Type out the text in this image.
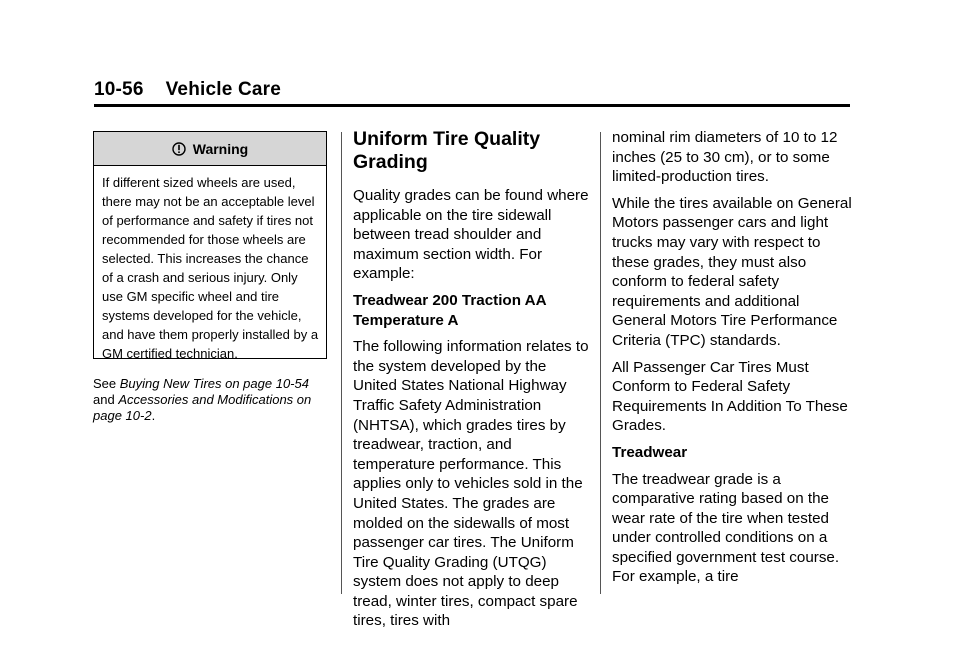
10-56 Vehicle Care
Warning
If different sized wheels are used, there may not be an acceptable level of performance and safety if tires not recommended for those wheels are selected. This increases the chance of a crash and serious injury. Only use GM specific wheel and tire systems developed for the vehicle, and have them properly installed by a GM certified technician.
See Buying New Tires on page 10-54 and Accessories and Modifications on page 10-2.
Uniform Tire Quality Grading

Quality grades can be found where applicable on the tire sidewall between tread shoulder and maximum section width. For example:

Treadwear 200 Traction AA Temperature A

The following information relates to the system developed by the United States National Highway Traffic Safety Administration (NHTSA), which grades tires by treadwear, traction, and temperature performance. This applies only to vehicles sold in the United States. The grades are molded on the sidewalls of most passenger car tires. The Uniform Tire Quality Grading (UTQG) system does not apply to deep tread, winter tires, compact spare tires, tires with

nominal rim diameters of 10 to 12 inches (25 to 30 cm), or to some limited-production tires.

While the tires available on General Motors passenger cars and light trucks may vary with respect to these grades, they must also conform to federal safety requirements and additional General Motors Tire Performance Criteria (TPC) standards.

All Passenger Car Tires Must Conform to Federal Safety Requirements In Addition To These Grades.

Treadwear

The treadwear grade is a comparative rating based on the wear rate of the tire when tested under controlled conditions on a specified government test course. For example, a tire
